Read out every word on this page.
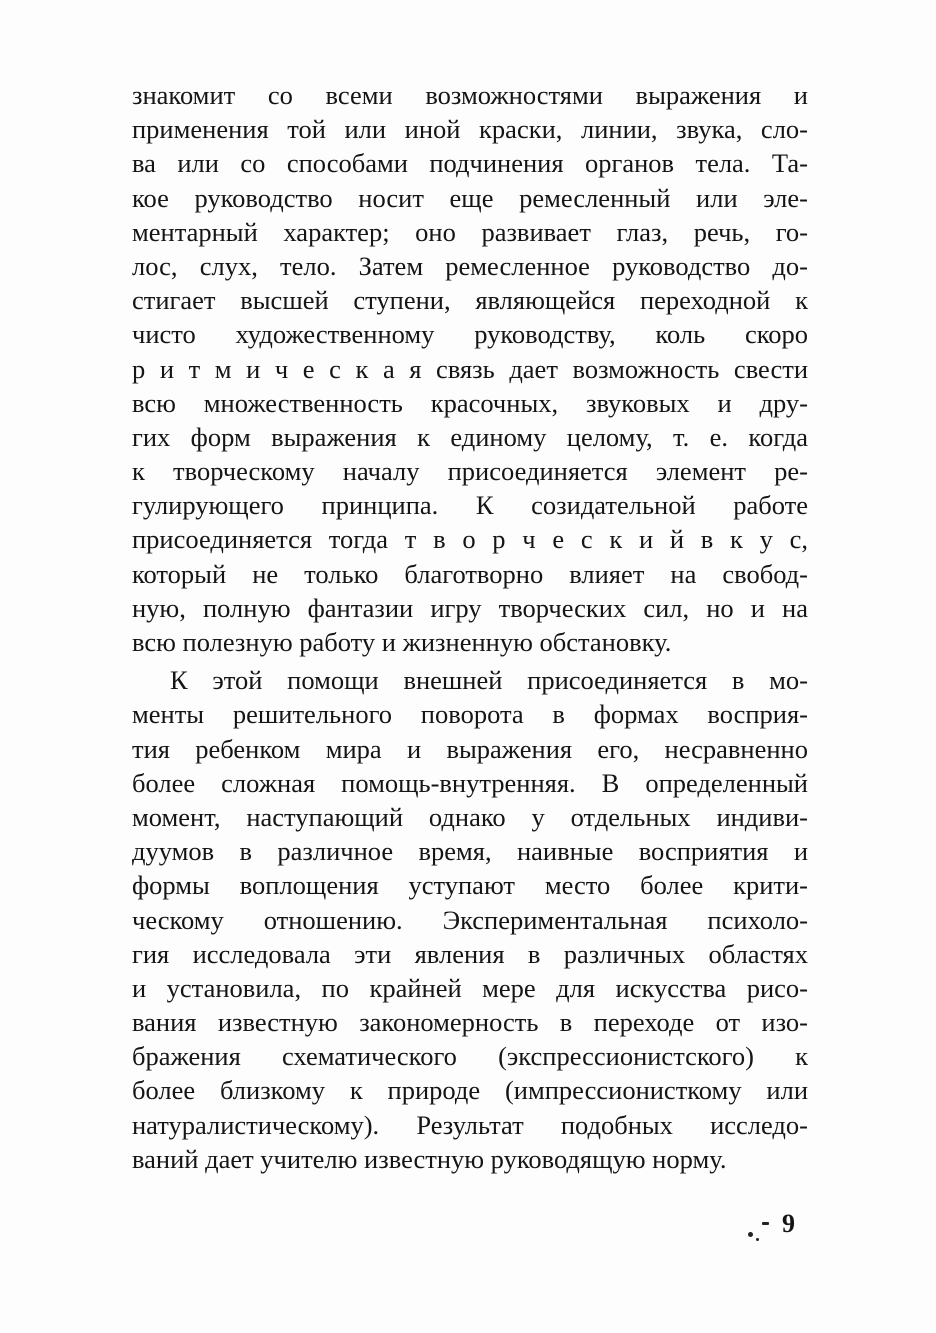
знакомит со всеми возможностями выражения и
применения той или иной краски, линии, звука, сло-
ва или со способами подчинения органов тела. Та-
кое руководство носит еще ремесленный или эле-
ментарный характер; оно развивает глаз, речь, го-
лос, слух, тело. Затем ремесленное руководство до-
стигает высшей ступени, являющейся переходной к
чисто художественному руководству, коль скоро
р и т м и ч е с к а я связь дает возможность свести
всю множественность красочных, звуковых и дру-
гих форм выражения к единому целому, т. е. когда
к творческому началу присоединяется элемент ре-
гулирующего принципа. К созидательной работе
присоединяется тогда т в о р ч е с к и й в к у с,
который не только благотворно влияет на свобод-
ную, полную фантазии игру творческих сил, но и на
всю полезную работу и жизненную обстановку.
К этой помощи внешней присоединяется в мо-
менты решительного поворота в формах восприя-
тия ребенком мира и выражения его, несравненно
более сложная помощь-внутренняя. В определенный
момент, наступающий однако у отдельных индиви-
дуумов в различное время, наивные восприятия и
формы воплощения уступают место более крити-
ческому отношению. Экспериментальная психоло-
гия исследовала эти явления в различных областях
и установила, по крайней мере для искусства рисо-
вания известную закономерность в переходе от изо-
бражения схематического (экспрессионистского) к
более близкому к природе (импрессионисткому или
натуралистическому). Результат подобных исследо-
ваний дает учителю известную руководящую норму.
9
